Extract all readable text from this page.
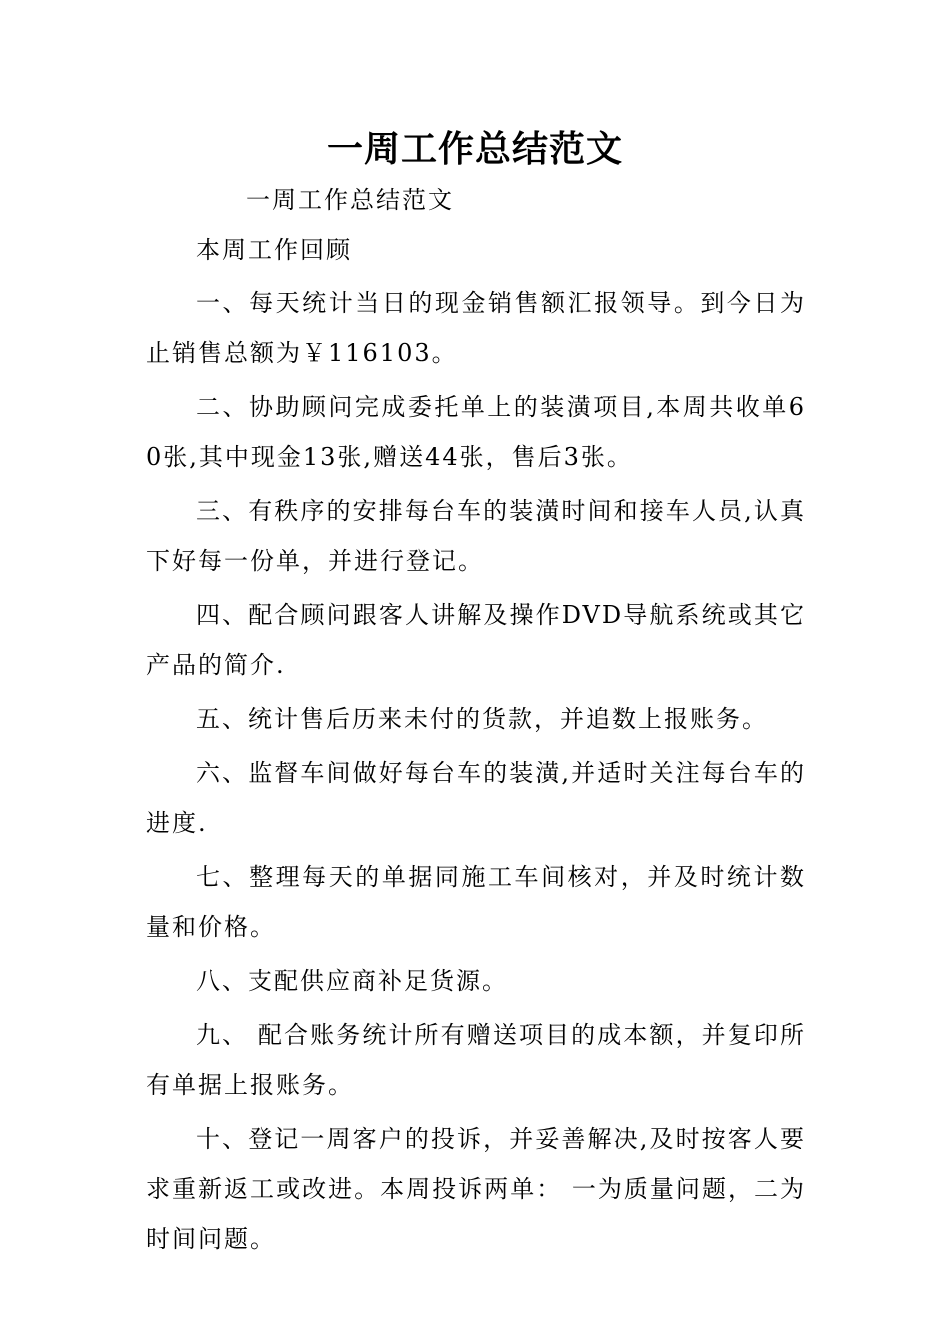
一周工作总结范文
一周工作总结范文
本周工作回顾

一、每天统计当日的现金销售额汇报领导。到今日为止销售总额为￥116103。

二、协助顾问完成委托单上的装潢项目,本周共收单60张,其中现金13张,赠送44张，售后3张。

三、有秩序的安排每台车的装潢时间和接车人员,认真下好每一份单，并进行登记。

四、配合顾问跟客人讲解及操作DVD导航系统或其它产品的简介.

五、统计售后历来未付的货款，并追数上报账务。

六、监督车间做好每台车的装潢,并适时关注每台车的进度.

七、整理每天的单据同施工车间核对，并及时统计数量和价格。

八、支配供应商补足货源。

九、 配合账务统计所有赠送项目的成本额，并复印所有单据上报账务。

十、登记一周客户的投诉，并妥善解决,及时按客人要求重新返工或改进。本周投诉两单： 一为质量问题，二为时间问题。
